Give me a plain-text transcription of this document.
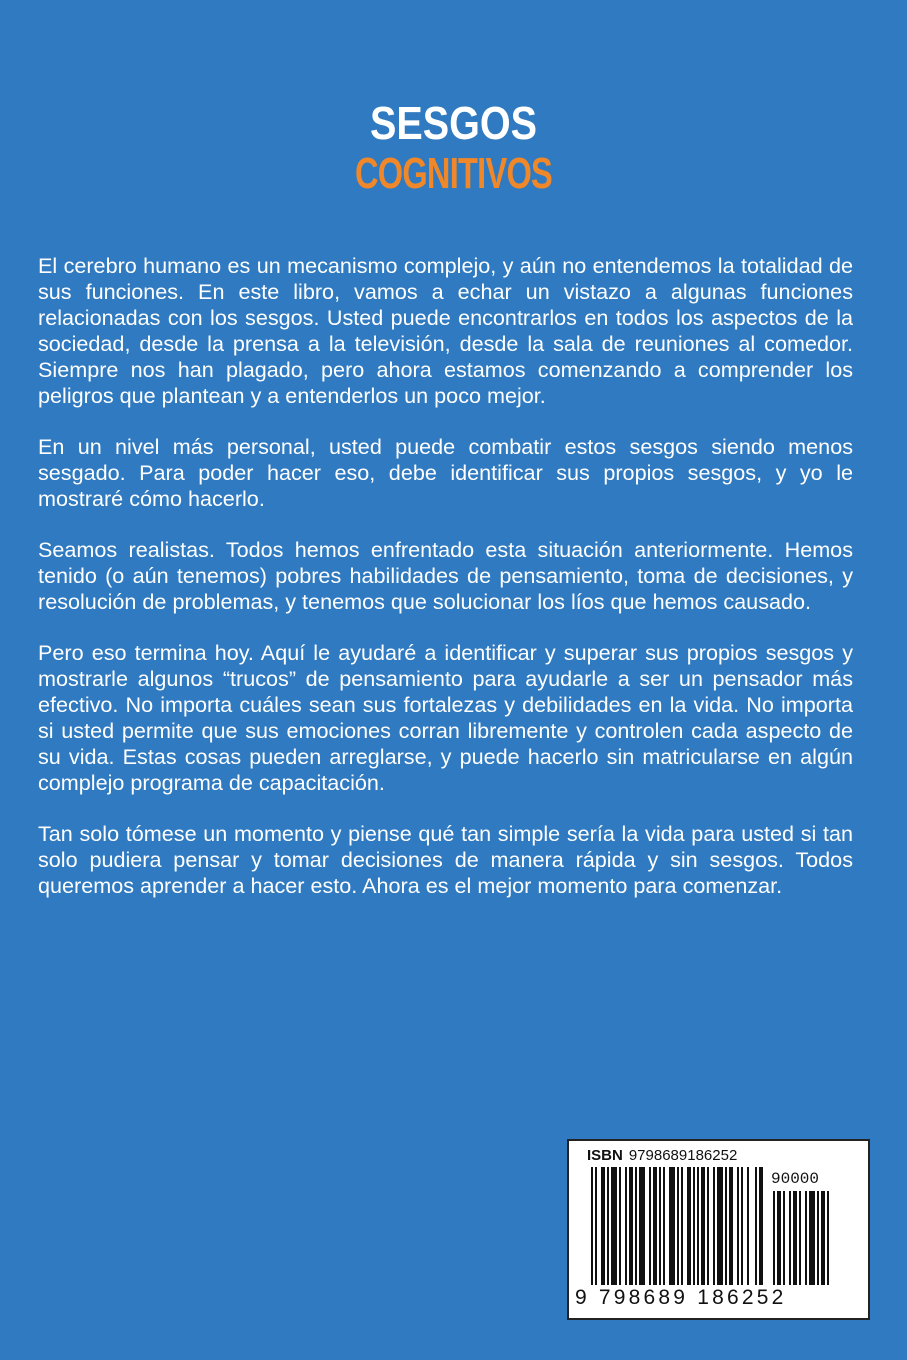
SESGOS
COGNITIVOS

El cerebro humano es un mecanismo complejo, y aún no entendemos la totalidad de sus funciones. En este libro, vamos a echar un vistazo a algunas funciones relacionadas con los sesgos. Usted puede encontrarlos en todos los aspectos de la sociedad, desde la prensa a la televisión, desde la sala de reuniones al comedor. Siempre nos han plagado, pero ahora estamos comenzando a comprender los peligros que plantean y a entenderlos un poco mejor.

En un nivel más personal, usted puede combatir estos sesgos siendo menos sesgado. Para poder hacer eso, debe identificar sus propios sesgos, y yo le mostraré cómo hacerlo.

Seamos realistas. Todos hemos enfrentado esta situación anteriormente. Hemos tenido (o aún tenemos) pobres habilidades de pensamiento, toma de decisiones, y resolución de problemas, y tenemos que solucionar los líos que hemos causado.

Pero eso termina hoy. Aquí le ayudaré a identificar y superar sus propios sesgos y mostrarle algunos “trucos” de pensamiento para ayudarle a ser un pensador más efectivo. No importa cuáles sean sus fortalezas y debilidades en la vida. No importa si usted permite que sus emociones corran libremente y controlen cada aspecto de su vida. Estas cosas pueden arreglarse, y puede hacerlo sin matricularse en algún complejo programa de capacitación.

Tan solo tómese un momento y piense qué tan simple sería la vida para usted si tan solo pudiera pensar y tomar decisiones de manera rápida y sin sesgos. Todos queremos aprender a hacer esto. Ahora es el mejor momento para comenzar.

ISBN 9798689186252
90000
9 798689 186252
